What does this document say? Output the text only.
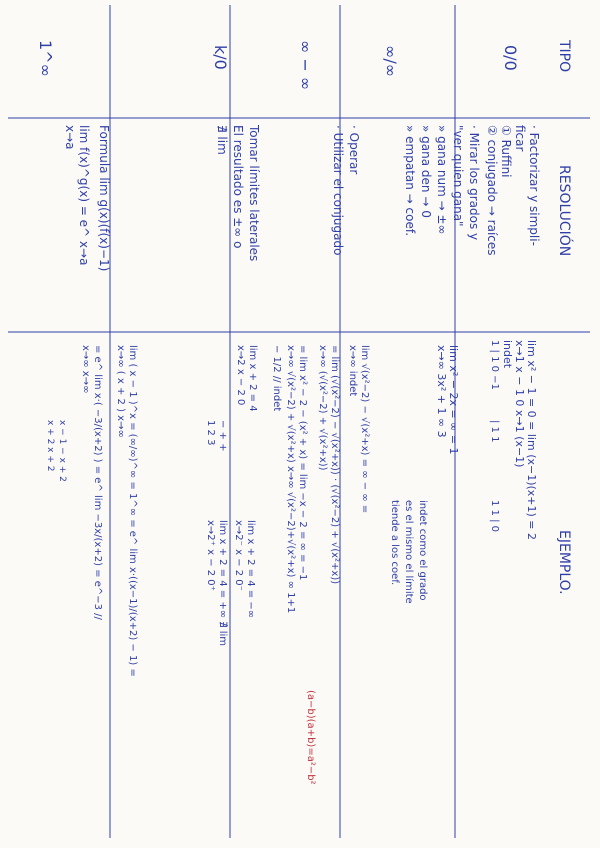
TIPO
RESOLUCIÓN
EJEMPLO.
0/0
· Factorizar y simpli-
ficar
① Ruffini
② conjugado → raíces
lim x² − 1 = 0 = lim (x−1)(x+1) = 2
x→1 x − 1 0 x→1 (x−1)
indet
1 | 1 0 −1
| 1 1
1 1 | 0
∞/∞
· Mirar los grados y
"ver quien gana"
» gana num → ±∞
» gana den → 0
» empatan → coef.
lim x² − 2x = ∞ = 1
x→∞ 3x² + 1 ∞ 3
indet como el grado
es el mismo el límite
tiende a los coef.
∞ − ∞
· Operar
· Utilizar el conjugado
lim √(x²−2) − √(x²+x) = ∞ − ∞ =
x→∞ indet
= lim (√(x²−2) − √(x²+x)) · (√(x²−2) + √(x²+x))
x→∞ (√(x²−2) + √(x²+x))
= lim x² − 2 − (x² + x) = lim −x − 2 = ∞ = −1
x→∞ √(x²−2) + √(x²+x) x→∞ √(x²−2)+√(x²+x) ∞ 1+1
− 1/2 // indet
(a−b)(a+b)=a²−b²
k/0
Tomar límites laterales
El resultado es ±∞ o
∄ lim
lim x + 2 = 4
x→2 x − 2 0
− + +
1 2 3
lim x + 2 = 4 = −∞
x→2⁻ x − 2 0⁻
lim x + 2 = 4 = +∞ ∄ lim
x→2⁺ x − 2 0⁺
1^∞
Formula lim g(x)(f(x)−1)
lim f(x)^g(x) = e^ x→a
x→a
lim ( x − 1 )^x = (∞/∞)^∞ = 1^∞ = e^ lim x·((x−1)/(x+2) − 1) =
x→∞ ( x + 2 ) x→∞
= e^ lim x·( −3/(x+2) ) = e^ lim −3x/(x+2) = e^−3 //
x→∞ x→∞
x − 1 − x + 2
x + 2 x + 2
